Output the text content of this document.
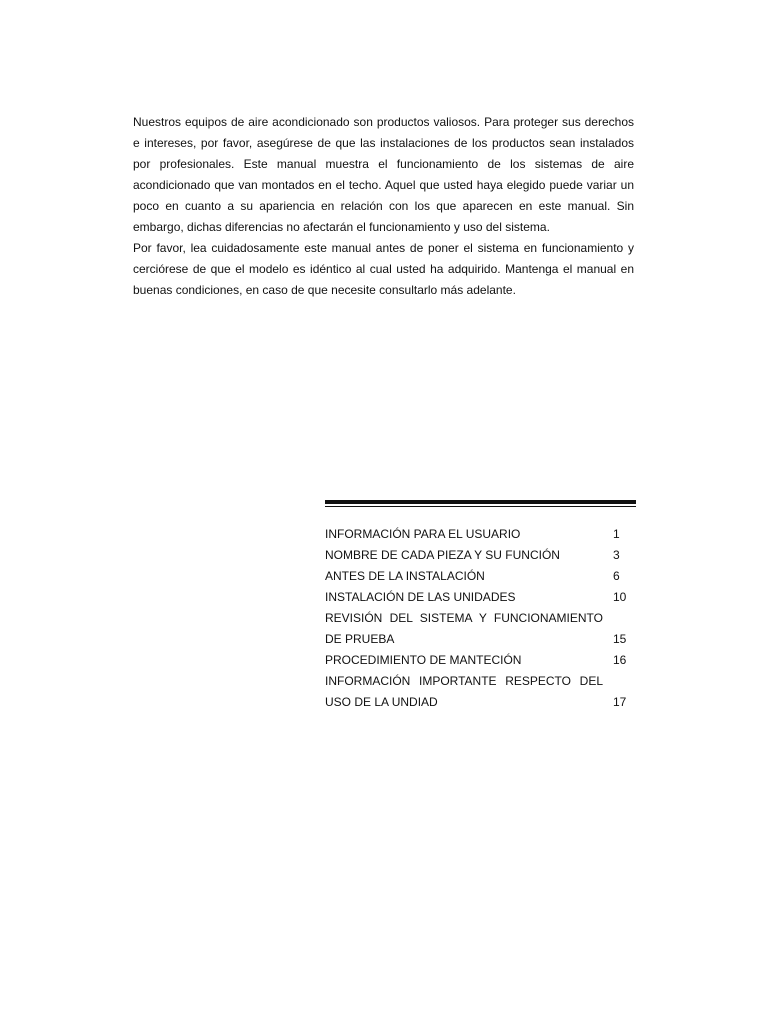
Nuestros equipos de aire acondicionado son productos valiosos. Para proteger sus derechos e intereses, por favor, asegúrese de que las instalaciones de los productos sean instalados por profesionales. Este manual muestra el funcionamiento de los sistemas de aire acondicionado que van montados en el techo. Aquel que usted haya elegido puede variar un poco en cuanto a su apariencia en relación con los que aparecen en este manual. Sin embargo, dichas diferencias no afectarán el funcionamiento y uso del sistema.

Por favor, lea cuidadosamente este manual antes de poner el sistema en funcionamiento y cerciórese de que el modelo es idéntico al cual usted ha adquirido. Mantenga el manual en buenas condiciones, en caso de que necesite consultarlo más adelante.

INFORMACIÓN PARA EL USUARIO	1
NOMBRE DE CADA PIEZA Y SU FUNCIÓN	3
ANTES DE LA INSTALACIÓN	6
INSTALACIÓN DE LAS UNIDADES	10
REVISIÓN DEL SISTEMA Y FUNCIONAMIENTO DE PRUEBA	15
PROCEDIMIENTO DE MANTECIÓN	16
INFORMACIÓN IMPORTANTE RESPECTO DEL USO DE LA UNDIAD	17
